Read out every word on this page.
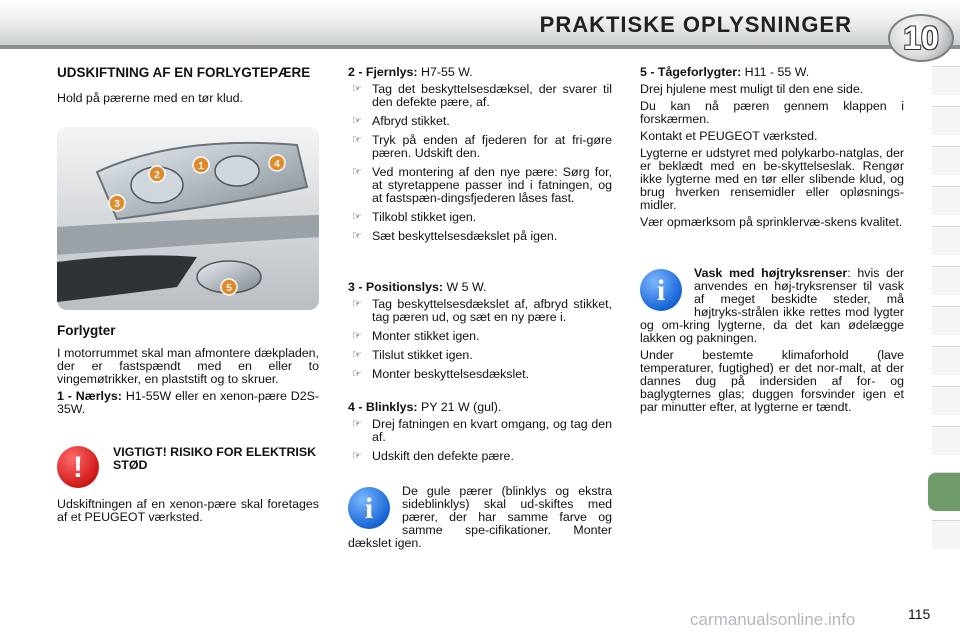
PRAKTISKE OPLYSNINGER	10
UDSKIFTNING AF EN FORLYGTEPÆRE

Hold på pærerne med en tør klud.

1
2
3
4
5
Forlygter

I motorrummet skal man afmontere dækpladen, der er fastspændt med en eller to vingemøtrikker, en plaststift og to skruer.

1 - Nærlys: H1-55W eller en xenon-pære D2S-35W.

!	VIGTIGT! RISIKO FOR ELEKTRISK STØD

Udskiftningen af en xenon-pære skal foretages af et PEUGEOT værksted.

2 - Fjernlys: H7-55 W.

☞ Tag det beskyttelsesdæksel, der svarer til den defekte pære, af.
☞ Afbryd stikket.
☞ Tryk på enden af fjederen for at fri-gøre pæren. Udskift den.
☞ Ved montering af den nye pære: Sørg for, at styretappene passer ind i fatningen, og at fastspæn-dingsfjederen låses fast.
☞ Tilkobl stikket igen.
☞ Sæt beskyttelsesdækslet på igen.

3 - Positionslys: W 5 W.

☞ Tag beskyttelsesdækslet af, afbryd stikket, tag pæren ud, og sæt en ny pære i.
☞ Monter stikket igen.
☞ Tilslut stikket igen.
☞ Monter beskyttelsesdækslet.

4 - Blinklys: PY 21 W (gul).

☞ Drej fatningen en kvart omgang, og tag den af.
☞ Udskift den defekte pære.
i

De gule pærer (blinklys og ekstra sideblinklys) skal ud-skiftes med pærer, der har samme farve og samme spe-cifikationer. Monter dækslet igen.

5 - Tågeforlygter: H11 - 55 W.

Drej hjulene mest muligt til den ene side.

Du kan nå pæren gennem klappen i forskærmen.

Kontakt et PEUGEOT værksted.

Lygterne er udstyret med polykarbo-natglas, der er beklædt med en be-skyttelseslak. Rengør ikke lygterne med en tør eller slibende klud, og brug hverken rensemidler eller opløsnings-midler.

Vær opmærksom på sprinklervæ-skens kvalitet.

i

Vask med højtryksrenser: hvis der anvendes en høj-tryksrenser til vask af meget beskidte steder, må højtryks-strålen ikke rettes mod lygter og om-kring lygterne, da det kan ødelægge lakken og pakningen.

Under bestemte klimaforhold (lave temperaturer, fugtighed) er det nor-malt, at der dannes dug på indersiden af for- og baglygternes glas; duggen forsvinder igen et par minutter efter, at lygterne er tændt.

carmanualsonline.info	115
